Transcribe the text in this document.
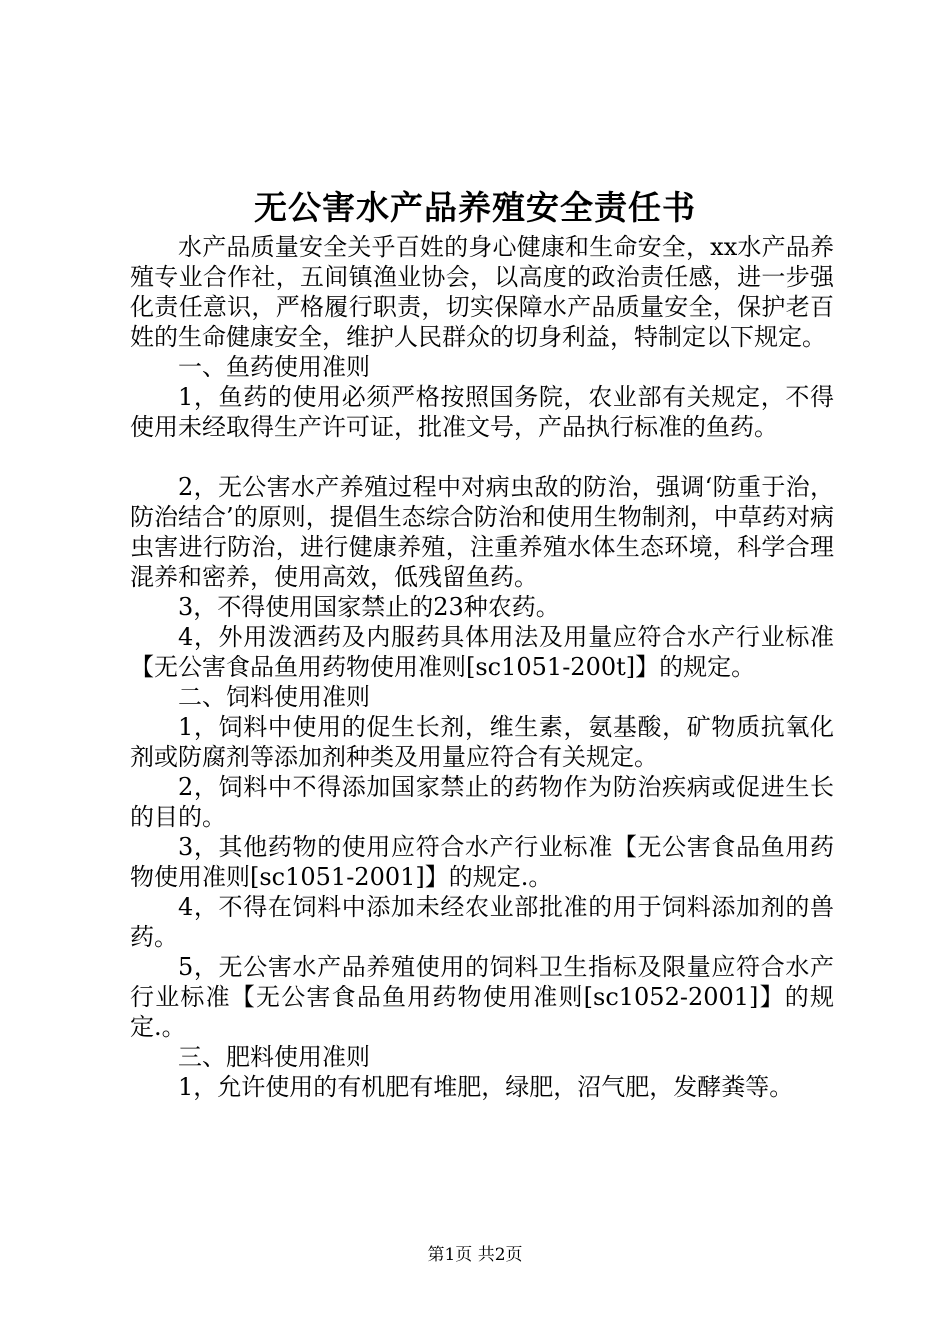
无公害水产品养殖安全责任书

水产品质量安全关乎百姓的身心健康和生命安全，xx水产品养殖专业合作社，五间镇渔业协会，以高度的政治责任感，进一步强化责任意识，严格履行职责，切实保障水产品质量安全，保护老百姓的生命健康安全，维护人民群众的切身利益，特制定以下规定。

一、鱼药使用准则

1，鱼药的使用必须严格按照国务院，农业部有关规定，不得使用未经取得生产许可证，批准文号，产品执行标准的鱼药。

2，无公害水产养殖过程中对病虫敌的防治，强调‘防重于治，防治结合’的原则，提倡生态综合防治和使用生物制剂，中草药对病虫害进行防治，进行健康养殖，注重养殖水体生态环境，科学合理混养和密养，使用高效，低残留鱼药。

3，不得使用国家禁止的23种农药。

4，外用泼洒药及内服药具体用法及用量应符合水产行业标准【无公害食品鱼用药物使用准则[sc1051-200t]】的规定。

二、饲料使用准则

1，饲料中使用的促生长剂，维生素，氨基酸，矿物质抗氧化剂或防腐剂等添加剂种类及用量应符合有关规定。

2，饲料中不得添加国家禁止的药物作为防治疾病或促进生长的目的。

3，其他药物的使用应符合水产行业标准【无公害食品鱼用药物使用准则[sc1051-2001]】的规定.。

4，不得在饲料中添加未经农业部批准的用于饲料添加剂的兽药。

5，无公害水产品养殖使用的饲料卫生指标及限量应符合水产行业标准【无公害食品鱼用药物使用准则[sc1052-2001]】的规定.。

三、肥料使用准则

1，允许使用的有机肥有堆肥，绿肥，沼气肥，发酵粪等。

第1页 共2页
